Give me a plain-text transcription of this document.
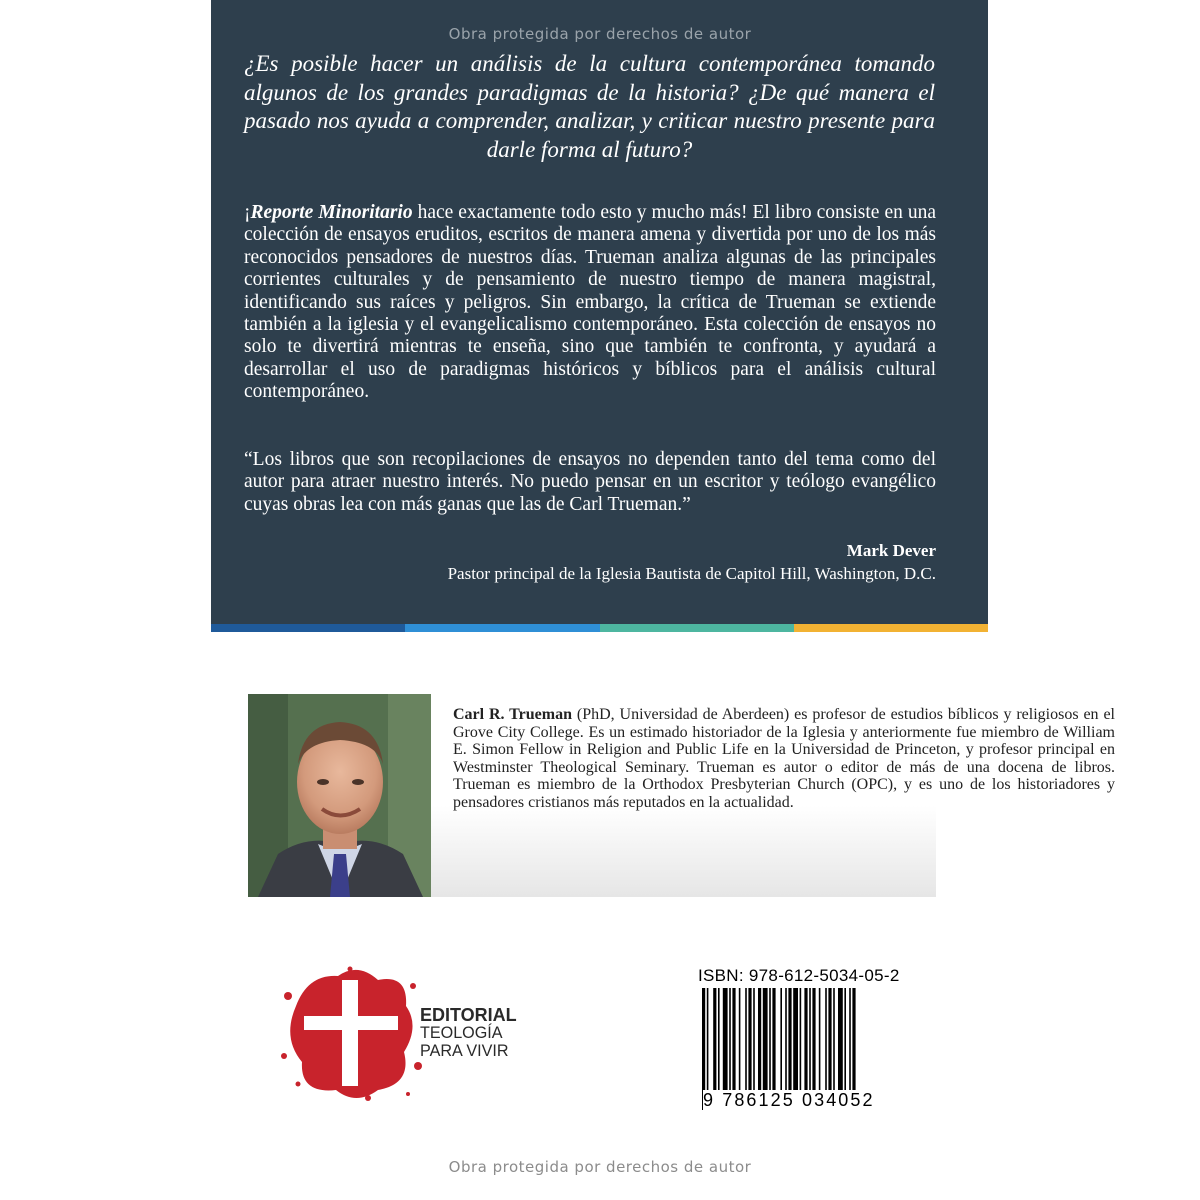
Obra protegida por derechos de autor

¿Es posible hacer un análisis de la cultura contemporánea tomando algunos de los grandes paradigmas de la historia? ¿De qué manera el pasado nos ayuda a comprender, analizar, y criticar nuestro presente para darle forma al futuro?

¡Reporte Minoritario hace exactamente todo esto y mucho más! El libro consiste en una colección de ensayos eruditos, escritos de manera amena y divertida por uno de los más reconocidos pensadores de nuestros días. Trueman analiza algunas de las principales corrientes culturales y de pensamiento de nuestro tiempo de manera magistral, identificando sus raíces y peligros. Sin embargo, la crítica de Trueman se extiende también a la iglesia y el evangelicalismo contemporáneo. Esta colección de ensayos no solo te divertirá mientras te enseña, sino que también te confronta, y ayudará a desarrollar el uso de paradigmas históricos y bíblicos para el análisis cultural contemporáneo.

“Los libros que son recopilaciones de ensayos no dependen tanto del tema como del autor para atraer nuestro interés. No puedo pensar en un escritor y teólogo evangélico cuyas obras lea con más ganas que las de Carl Trueman.”

Mark Dever
Pastor principal de la Iglesia Bautista de Capitol Hill, Washington, D.C.

Carl R. Trueman (PhD, Universidad de Aberdeen) es profesor de estudios bíblicos y religiosos en el Grove City College. Es un estimado historiador de la Iglesia y anteriormente fue miembro de William E. Simon Fellow in Religion and Public Life en la Universidad de Princeton, y profesor principal en Westminster Theological Seminary. Trueman es autor o editor de más de una docena de libros. Trueman es miembro de la Orthodox Presbyterian Church (OPC), y es uno de los historiadores y pensadores cristianos más reputados en la actualidad.

EDITORIAL
TEOLOGÍA
PARA VIVIR
ISBN: 978-612-5034-05-2
9 786125 034052
Obra protegida por derechos de autor
